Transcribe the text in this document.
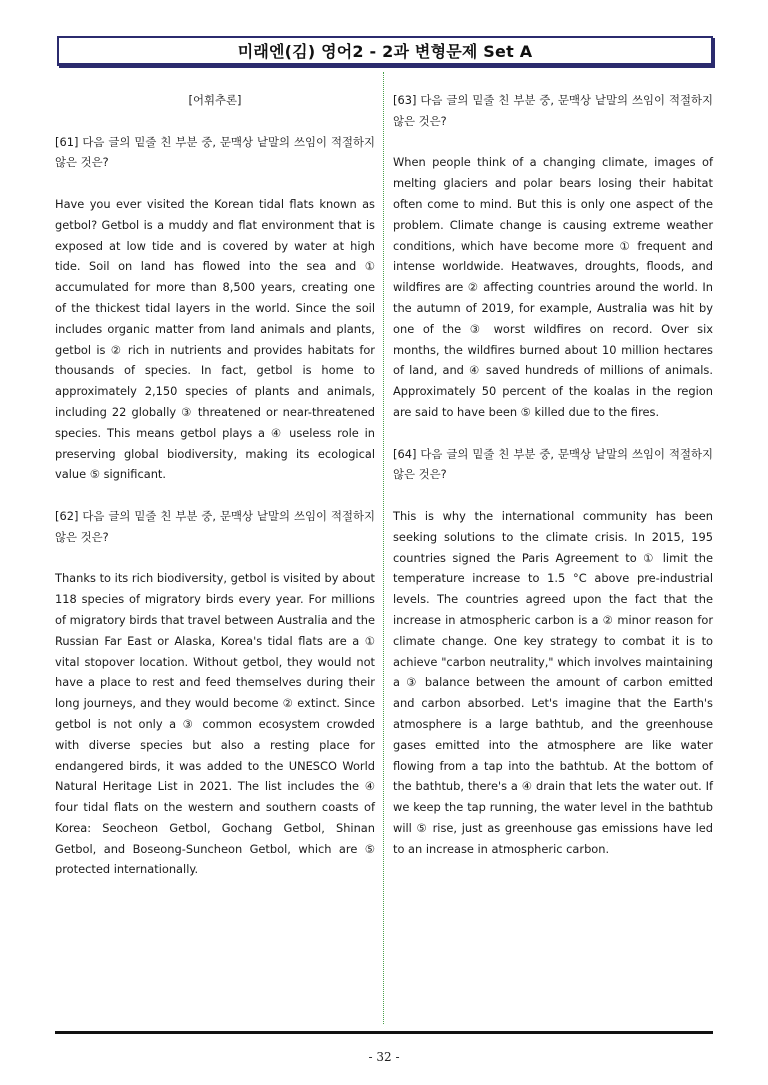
미래엔(김) 영어2 - 2과 변형문제 Set A

[어휘추론]

[61] 다음 글의 밑줄 친 부분 중, 문맥상 낱말의 쓰임이 적절하지 않은 것은?

Have you ever visited the Korean tidal flats known as getbol? Getbol is a muddy and flat environment that is exposed at low tide and is covered by water at high tide. Soil on land has flowed into the sea and ① accumulated for more than 8,500 years, creating one of the thickest tidal layers in the world. Since the soil includes organic matter from land animals and plants, getbol is ② rich in nutrients and provides habitats for thousands of species. In fact, getbol is home to approximately 2,150 species of plants and animals, including 22 globally ③ threatened or near-threatened species. This means getbol plays a ④ useless role in preserving global biodiversity, making its ecological value ⑤ significant.

[62] 다음 글의 밑줄 친 부분 중, 문맥상 낱말의 쓰임이 적절하지 않은 것은?

Thanks to its rich biodiversity, getbol is visited by about 118 species of migratory birds every year. For millions of migratory birds that travel between Australia and the Russian Far East or Alaska, Korea's tidal flats are a ① vital stopover location. Without getbol, they would not have a place to rest and feed themselves during their long journeys, and they would become ② extinct. Since getbol is not only a ③ common ecosystem crowded with diverse species but also a resting place for endangered birds, it was added to the UNESCO World Natural Heritage List in 2021. The list includes the ④ four tidal flats on the western and southern coasts of Korea: Seocheon Getbol, Gochang Getbol, Shinan Getbol, and Boseong-Suncheon Getbol, which are ⑤ protected internationally.

[63] 다음 글의 밑줄 친 부분 중, 문맥상 낱말의 쓰임이 적절하지 않은 것은?

When people think of a changing climate, images of melting glaciers and polar bears losing their habitat often come to mind. But this is only one aspect of the problem. Climate change is causing extreme weather conditions, which have become more ① frequent and intense worldwide. Heatwaves, droughts, floods, and wildfires are ② affecting countries around the world. In the autumn of 2019, for example, Australia was hit by one of the ③ worst wildfires on record. Over six months, the wildfires burned about 10 million hectares of land, and ④ saved hundreds of millions of animals. Approximately 50 percent of the koalas in the region are said to have been ⑤ killed due to the fires.

[64] 다음 글의 밑줄 친 부분 중, 문맥상 낱말의 쓰임이 적절하지 않은 것은?

This is why the international community has been seeking solutions to the climate crisis. In 2015, 195 countries signed the Paris Agreement to ① limit the temperature increase to 1.5 °C above pre-industrial levels. The countries agreed upon the fact that the increase in atmospheric carbon is a ② minor reason for climate change. One key strategy to combat it is to achieve "carbon neutrality," which involves maintaining a ③ balance between the amount of carbon emitted and carbon absorbed. Let's imagine that the Earth's atmosphere is a large bathtub, and the greenhouse gases emitted into the atmosphere are like water flowing from a tap into the bathtub. At the bottom of the bathtub, there's a ④ drain that lets the water out. If we keep the tap running, the water level in the bathtub will ⑤ rise, just as greenhouse gas emissions have led to an increase in atmospheric carbon.

- 32 -
